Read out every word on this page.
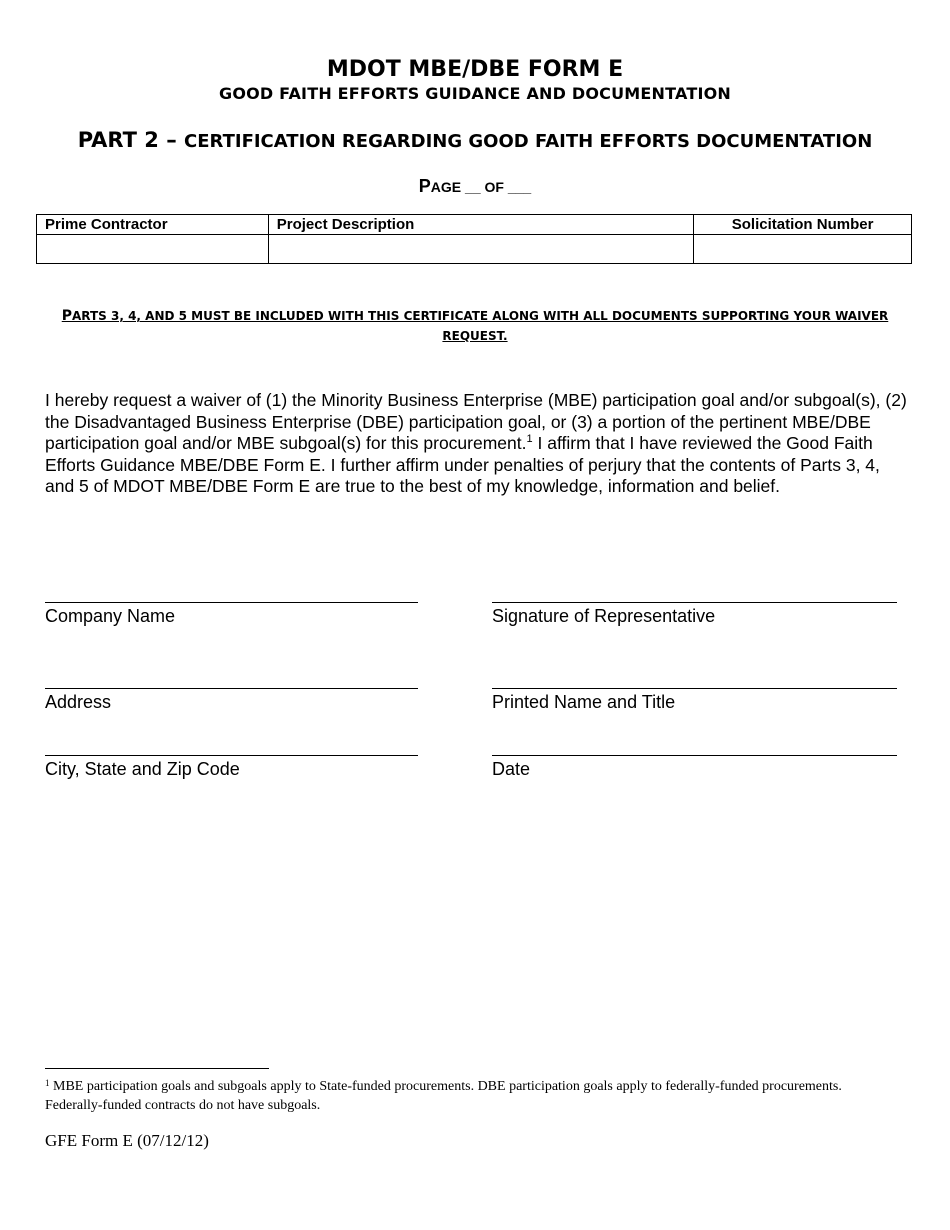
MDOT MBE/DBE FORM E
GOOD FAITH EFFORTS GUIDANCE AND DOCUMENTATION
PART 2 – CERTIFICATION REGARDING GOOD FAITH EFFORTS DOCUMENTATION
PAGE __ OF ___
Prime Contractor	Project Description	Solicitation Number

PARTS 3, 4, AND 5 MUST BE INCLUDED WITH THIS CERTIFICATE ALONG WITH ALL DOCUMENTS SUPPORTING YOUR WAIVER REQUEST.

I hereby request a waiver of (1) the Minority Business Enterprise (MBE) participation goal and/or subgoal(s), (2) the Disadvantaged Business Enterprise (DBE) participation goal, or (3) a portion of the pertinent MBE/DBE participation goal and/or MBE subgoal(s) for this procurement.$^1$ I affirm that I have reviewed the Good Faith Efforts Guidance MBE/DBE Form E. I further affirm under penalties of perjury that the contents of Parts 3, 4, and 5 of MDOT MBE/DBE Form E are true to the best of my knowledge, information and belief.

Company Name	Signature of Representative
Address	Printed Name and Title
City, State and Zip Code	Date

$^1$ MBE participation goals and subgoals apply to State-funded procurements. DBE participation goals apply to federally-funded procurements. Federally-funded contracts do not have subgoals.

GFE Form E (07/12/12)
